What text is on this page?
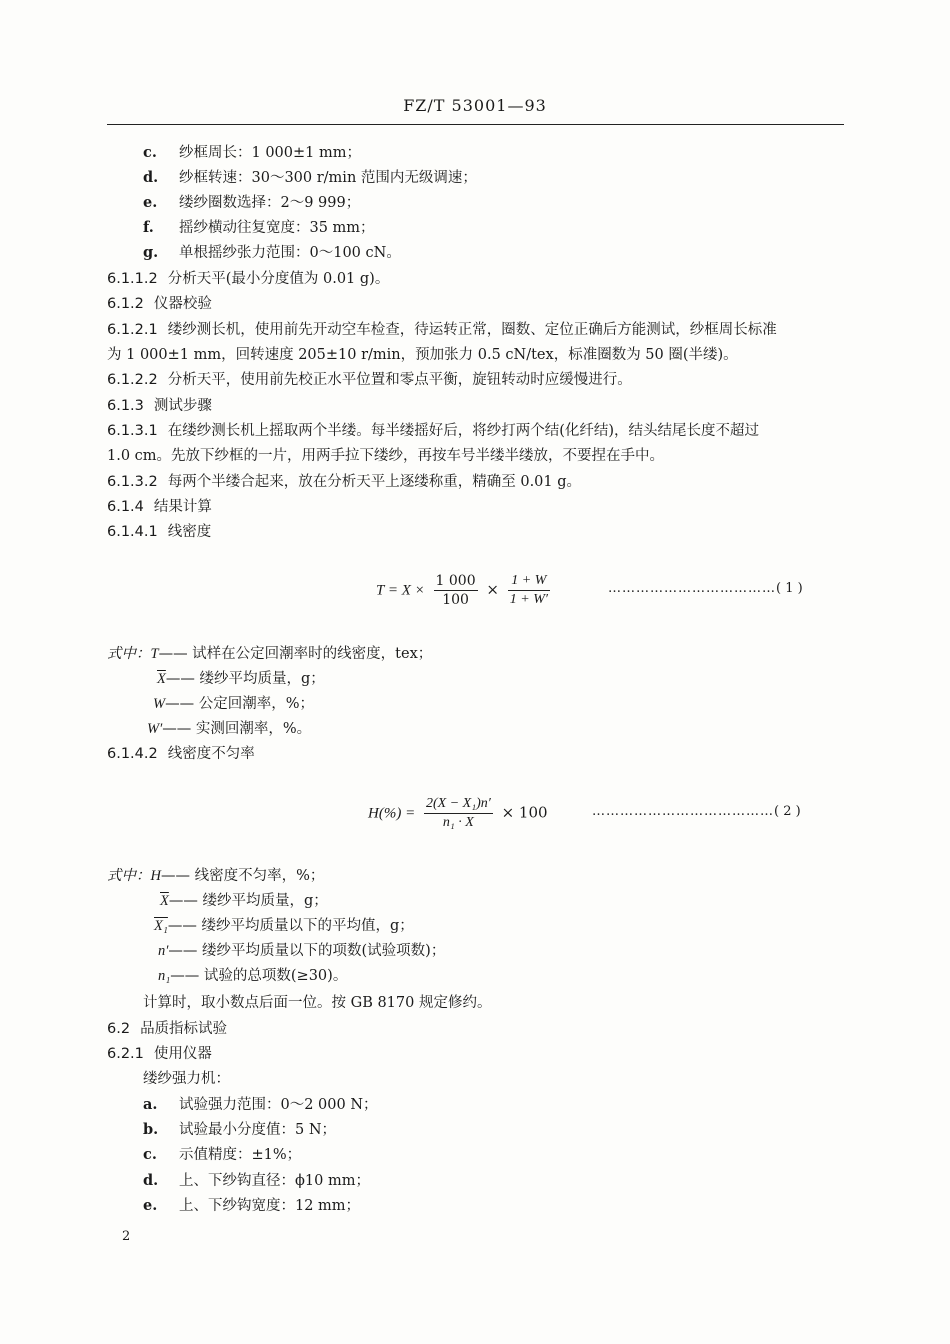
FZ/T 53001—93
c. 纱框周长：1 000±1 mm；
d. 纱框转速：30～300 r/min 范围内无级调速；
e. 缕纱圈数选择：2～9 999；
f. 摇纱横动往复宽度：35 mm；
g. 单根摇纱张力范围：0～100 cN。
6.1.1.2 分析天平(最小分度值为 0.01 g)。
6.1.2 仪器校验
6.1.2.1 缕纱测长机，使用前先开动空车检查，待运转正常，圈数、定位正确后方能测试，纱框周长标准
为 1 000±1 mm，回转速度 205±10 r/min，预加张力 0.5 cN/tex，标准圈数为 50 圈(半缕)。
6.1.2.2 分析天平，使用前先校正水平位置和零点平衡，旋钮转动时应缓慢进行。
6.1.3 测试步骤
6.1.3.1 在缕纱测长机上摇取两个半缕。每半缕摇好后，将纱打两个结(化纤结)，结头结尾长度不超过
1.0 cm。先放下纱框的一片，用两手拉下缕纱，再按车号半缕半缕放，不要捏在手中。
6.1.3.2 每两个半缕合起来，放在分析天平上逐缕称重，精确至 0.01 g。
6.1.4 结果计算
6.1.4.1 线密度
$T = X \times \frac{1 000}{100} \times \frac{1 + W}{1 + W'}$	………………………………( 1 )
式中：T—— 试样在公定回潮率时的线密度，tex；
$\overline{X}——$ 缕纱平均质量，g；
W—— 公定回潮率，%；
W′—— 实测回潮率，%。
6.1.4.2 线密度不匀率
$H(\%) = \frac{\text{2(X − X₁)n′}}{\text{n₁ · X}} \times 100$	…………………………………( 2 )
式中：H—— 线密度不匀率，%；
$\overline{X}——$ 缕纱平均质量，g；
X₁—— 缕纱平均质量以下的平均值，g；
n′—— 缕纱平均质量以下的项数(试验项数)；
n₁—— 试验的总项数(≥30)。
计算时，取小数点后面一位。按 GB 8170 规定修约。
6.2 品质指标试验
6.2.1 使用仪器
缕纱强力机：
a. 试验强力范围：0～2 000 N；
b. 试验最小分度值：5 N；
c. 示值精度：±1%；
d. 上、下纱钩直径：ϕ10 mm；
e. 上、下纱钩宽度：12 mm；
2
